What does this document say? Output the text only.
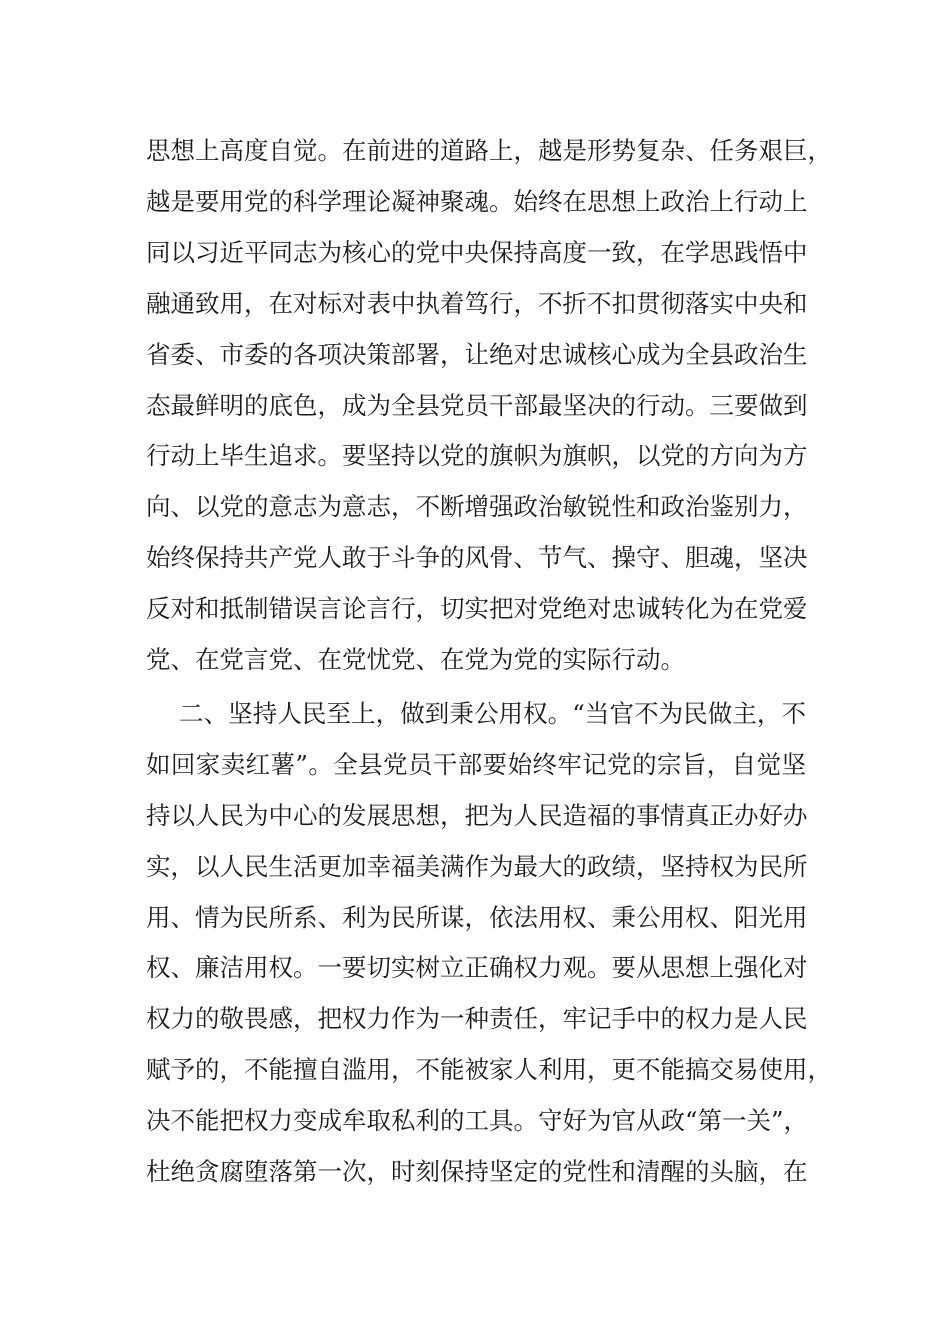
思想上高度自觉。在前进的道路上，越是形势复杂、任务艰巨，
越是要用党的科学理论凝神聚魂。始终在思想上政治上行动上
同以习近平同志为核心的党中央保持高度一致，在学思践悟中
融通致用，在对标对表中执着笃行，不折不扣贯彻落实中央和
省委、市委的各项决策部署，让绝对忠诚核心成为全县政治生
态最鲜明的底色，成为全县党员干部最坚决的行动。三要做到
行动上毕生追求。要坚持以党的旗帜为旗帜，以党的方向为方
向、以党的意志为意志，不断增强政治敏锐性和政治鉴别力，
始终保持共产党人敢于斗争的风骨、节气、操守、胆魂，坚决
反对和抵制错误言论言行，切实把对党绝对忠诚转化为在党爱
党、在党言党、在党忧党、在党为党的实际行动。
二、坚持人民至上，做到秉公用权。“当官不为民做主，不
如回家卖红薯”。全县党员干部要始终牢记党的宗旨，自觉坚
持以人民为中心的发展思想，把为人民造福的事情真正办好办
实，以人民生活更加幸福美满作为最大的政绩，坚持权为民所
用、情为民所系、利为民所谋，依法用权、秉公用权、阳光用
权、廉洁用权。一要切实树立正确权力观。要从思想上强化对
权力的敬畏感，把权力作为一种责任，牢记手中的权力是人民
赋予的，不能擅自滥用，不能被家人利用，更不能搞交易使用，
决不能把权力变成牟取私利的工具。守好为官从政“第一关”，
杜绝贪腐堕落第一次，时刻保持坚定的党性和清醒的头脑，在
